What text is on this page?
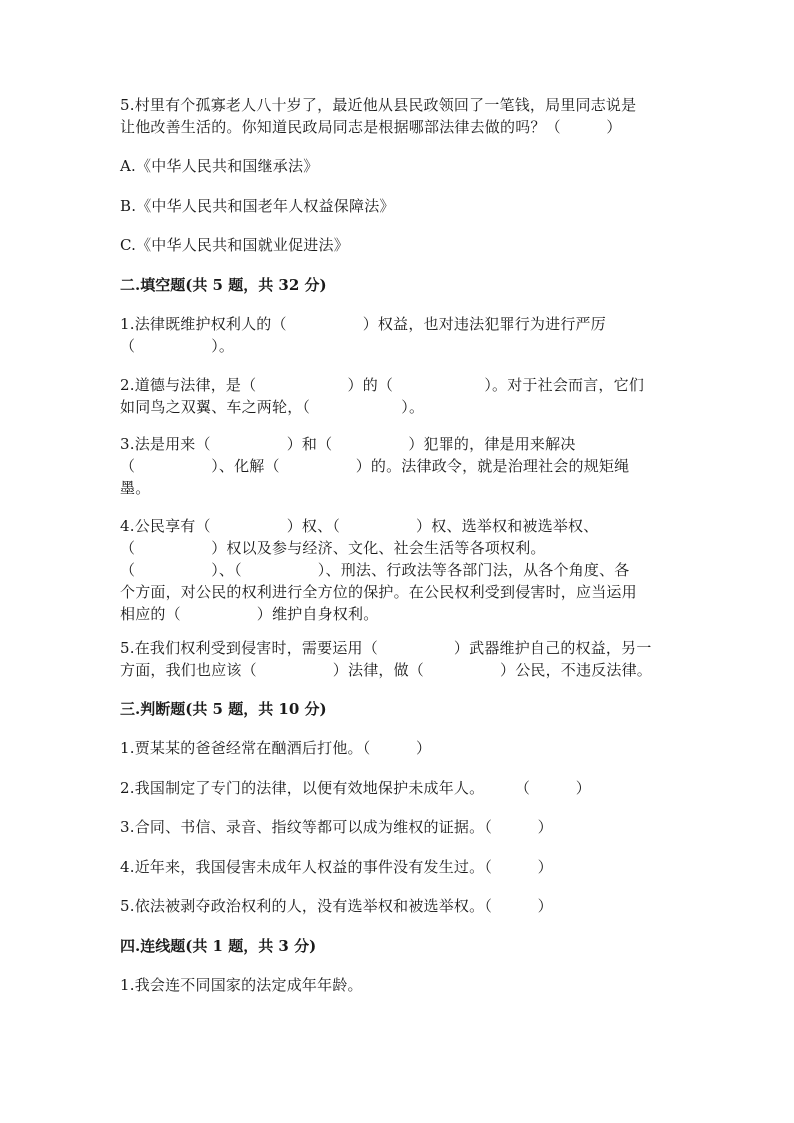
5.村里有个孤寡老人八十岁了，最近他从县民政领回了一笔钱，局里同志说是
让他改善生活的。你知道民政局同志是根据哪部法律去做的吗？（　　　）
A.《中华人民共和国继承法》
B.《中华人民共和国老年人权益保障法》
C.《中华人民共和国就业促进法》
二.填空题(共 5 题，共 32 分)
1.法律既维护权利人的（　　　　　）权益，也对违法犯罪行为进行严厉
（　　　　　）。
2.道德与法律，是（　　　　　　）的（　　　　　　）。对于社会而言，它们
如同鸟之双翼、车之两轮，（　　　　　　）。
3.法是用来（　　　　　）和（　　　　　）犯罪的，律是用来解决
（　　　　　）、化解（　　　　　）的。法律政令，就是治理社会的规矩绳
墨。
4.公民享有（　　　　　）权、（　　　　　）权、选举权和被选举权、
（　　　　　）权以及参与经济、文化、社会生活等各项权利。
（　　　　　）、（　　　　　）、刑法、行政法等各部门法，从各个角度、各
个方面，对公民的权利进行全方位的保护。在公民权利受到侵害时，应当运用
相应的（　　　　　）维护自身权利。
5.在我们权利受到侵害时，需要运用（　　　　　）武器维护自己的权益，另一
方面，我们也应该（　　　　　）法律，做（　　　　　）公民，不违反法律。
三.判断题(共 5 题，共 10 分)
1.贾某某的爸爸经常在酗酒后打他。（　　　）
2.我国制定了专门的法律，以便有效地保护未成年人。　　　（　　　）
3.合同、书信、录音、指纹等都可以成为维权的证据。（　　　）
4.近年来，我国侵害未成年人权益的事件没有发生过。（　　　）
5.依法被剥夺政治权利的人，没有选举权和被选举权。（　　　）
四.连线题(共 1 题，共 3 分)
1.我会连不同国家的法定成年年龄。
